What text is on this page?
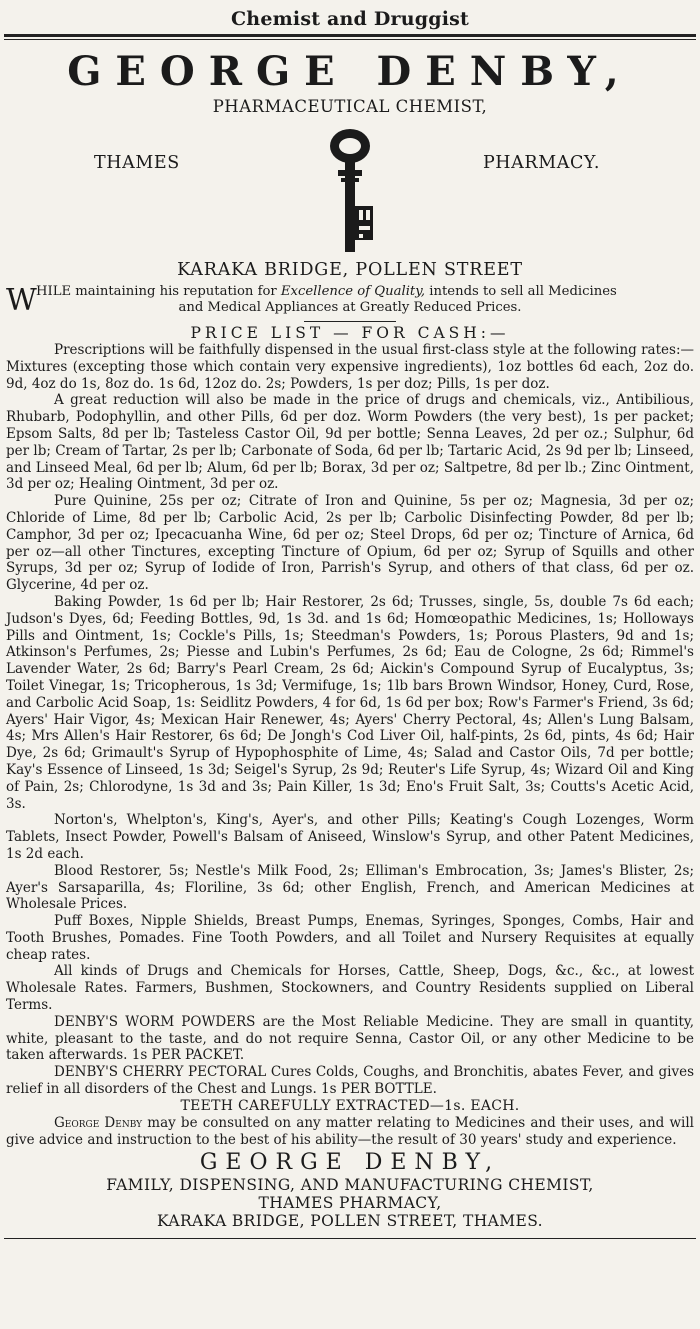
Chemist and Druggist
GEORGE DENBY,
PHARMACEUTICAL CHEMIST,
THAMES	PHARMACY.
KARAKA BRIDGE, POLLEN STREET
W HILE maintaining his reputation for Excellence of Quality, intends to sell all Medicines
and Medical Appliances at Greatly Reduced Prices.
PRICE LIST — FOR CASH:—

Prescriptions will be faithfully dispensed in the usual first-class style at the following rates:—Mixtures (excepting those which contain very expensive ingredients), 1oz bottles 6d each, 2oz do. 9d, 4oz do 1s, 8oz do. 1s 6d, 12oz do. 2s; Powders, 1s per doz; Pills, 1s per doz.

A great reduction will also be made in the price of drugs and chemicals, viz., Antibilious, Rhubarb, Podophyllin, and other Pills, 6d per doz. Worm Powders (the very best), 1s per packet; Epsom Salts, 8d per lb; Tasteless Castor Oil, 9d per bottle; Senna Leaves, 2d per oz.; Sulphur, 6d per lb; Cream of Tartar, 2s per lb; Carbonate of Soda, 6d per lb; Tartaric Acid, 2s 9d per lb; Linseed, and Linseed Meal, 6d per lb; Alum, 6d per lb; Borax, 3d per oz; Saltpetre, 8d per lb.; Zinc Ointment, 3d per oz; Healing Ointment, 3d per oz.

Pure Quinine, 25s per oz; Citrate of Iron and Quinine, 5s per oz; Magnesia, 3d per oz; Chloride of Lime, 8d per lb; Carbolic Acid, 2s per lb; Carbolic Disinfecting Powder, 8d per lb; Camphor, 3d per oz; Ipecacuanha Wine, 6d per oz; Steel Drops, 6d per oz; Tincture of Arnica, 6d per oz—all other Tinctures, excepting Tincture of Opium, 6d per oz; Syrup of Squills and other Syrups, 3d per oz; Syrup of Iodide of Iron, Parrish's Syrup, and others of that class, 6d per oz. Glycerine, 4d per oz.

Baking Powder, 1s 6d per lb; Hair Restorer, 2s 6d; Trusses, single, 5s, double 7s 6d each; Judson's Dyes, 6d; Feeding Bottles, 9d, 1s 3d. and 1s 6d; Homœopathic Medicines, 1s; Holloways Pills and Ointment, 1s; Cockle's Pills, 1s; Steedman's Powders, 1s; Porous Plasters, 9d and 1s; Atkinson's Perfumes, 2s; Piesse and Lubin's Perfumes, 2s 6d; Eau de Cologne, 2s 6d; Rimmel's Lavender Water, 2s 6d; Barry's Pearl Cream, 2s 6d; Aickin's Compound Syrup of Eucalyptus, 3s; Toilet Vinegar, 1s; Tricopherous, 1s 3d; Vermifuge, 1s; 1lb bars Brown Windsor, Honey, Curd, Rose, and Carbolic Acid Soap, 1s: Seidlitz Powders, 4 for 6d, 1s 6d per box; Row's Farmer's Friend, 3s 6d; Ayers' Hair Vigor, 4s; Mexican Hair Renewer, 4s; Ayers' Cherry Pectoral, 4s; Allen's Lung Balsam, 4s; Mrs Allen's Hair Restorer, 6s 6d; De Jongh's Cod Liver Oil, half-pints, 2s 6d, pints, 4s 6d; Hair Dye, 2s 6d; Grimault's Syrup of Hypophosphite of Lime, 4s; Salad and Castor Oils, 7d per bottle; Kay's Essence of Linseed, 1s 3d; Seigel's Syrup, 2s 9d; Reuter's Life Syrup, 4s; Wizard Oil and King of Pain, 2s; Chlorodyne, 1s 3d and 3s; Pain Killer, 1s 3d; Eno's Fruit Salt, 3s; Coutts's Acetic Acid, 3s.

Norton's, Whelpton's, King's, Ayer's, and other Pills; Keating's Cough Lozenges, Worm Tablets, Insect Powder, Powell's Balsam of Aniseed, Winslow's Syrup, and other Patent Medicines, 1s 2d each.

Blood Restorer, 5s; Nestle's Milk Food, 2s; Elliman's Embrocation, 3s; James's Blister, 2s; Ayer's Sarsaparilla, 4s; Floriline, 3s 6d; other English, French, and American Medicines at Wholesale Prices.

Puff Boxes, Nipple Shields, Breast Pumps, Enemas, Syringes, Sponges, Combs, Hair and Tooth Brushes, Pomades. Fine Tooth Powders, and all Toilet and Nursery Requisites at equally cheap rates.

All kinds of Drugs and Chemicals for Horses, Cattle, Sheep, Dogs, &c., &c., at lowest Wholesale Rates. Farmers, Bushmen, Stockowners, and Country Residents supplied on Liberal Terms.

DENBY'S WORM POWDERS are the Most Reliable Medicine. They are small in quantity, white, pleasant to the taste, and do not require Senna, Castor Oil, or any other Medicine to be taken afterwards. 1s PER PACKET.

DENBY'S CHERRY PECTORAL Cures Colds, Coughs, and Bronchitis, abates Fever, and gives relief in all disorders of the Chest and Lungs. 1s PER BOTTLE.

TEETH CAREFULLY EXTRACTED—1s. EACH.

George Denby may be consulted on any matter relating to Medicines and their uses, and will give advice and instruction to the best of his ability—the result of 30 years' study and experience.

GEORGE DENBY,
FAMILY, DISPENSING, AND MANUFACTURING CHEMIST,
THAMES PHARMACY,
KARAKA BRIDGE, POLLEN STREET, THAMES.
